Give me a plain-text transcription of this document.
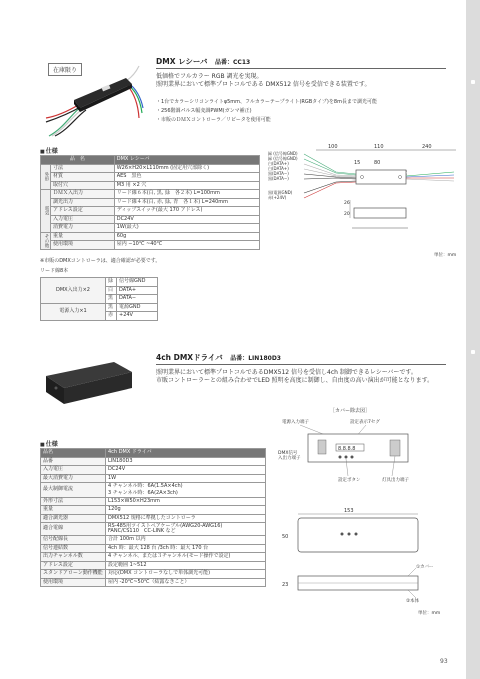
在庫限り
DMX レシーバ　 品番：CC13
低価格でフルカラー RGB 調光を実現。
照明業界において標準プロトコルである DMX512 信号を受信できる装置です。
・1台でカラーシリコンライトφ5mm、フルカラーテープライト(RGBタイプ)を8m長まで調光可能
・256階調パルス幅変調PWM(ガンマ補正)
・市販のＤＭＸコントローラ／リピータを使用可能
■ 仕様
品　名		DMX レシーバ
外形	寸法	W26×H20×L110mm (固定用穴部除く)
	材質	AES　黒色
	取付穴	M3 用 ×2 穴
電気	ＤＭＸ入出力	リード線６本(白, 黒, 緑　各２本) L=100mm
	調光出力	リード線４本(白, 赤, 緑, 青　各１本) L=240mm
	アドレス設定	ディップスイッチ(最大 170 アドレス)
	入力電圧	DC24V
	消費電力	1W(最大)
その他	重量	60g
	使用環境	屋内 −10℃ ~40℃
※市販のDMXコントローラは、適合確認が必要です。
リード線8本
DMX入出力×2	緑	信号線GND
	白	DATA+
	黒	DATA−
電源入力×1	黒	電源GND
	赤	+24V
100	110	240
15	80
緑 (信号線GND)
緑 (信号線GND)
白(DATA+)
白(DATA+)
黒(DATA−)
黒(DATA−)
黒(電源GND)
赤(+24V)
20
26
単位：mm
4ch DMXドライバ　 品番：LIN180D3
照明業界において標準プロトコルであるDMX512 信号を受信し4ch 制御できるレシーバーです。
市販コントローラーとの組み合わせでLED 照明を高度に制御し、自由度の高い演出が可能となります。
■ 仕様
品名	4ch DMX ドライバ
品番	LIN180D3
入力電圧	DC24V
最大消費電力	1W
最大制御電流	4 チャンネル時：6A(1.5A×4ch)
3 チャンネル時：6A(2A×3ch)

外形寸法	L153×W50×H23mm
重量	120g
適合調光器	DMX512 規格に準拠したコントローラ
適合電線	RS-485用ツイストペアケーブル(AWG20-AWG16)
FANC/CS110　CC-LINK など

信号配線長	合計 100m 以内
信号連結数	4ch 時：最大 128 台 /3ch 時：最大 170 台
出力チャンネル数	4 チャンネル、または３チャンネル(モード操作で設定)
アドレス設定	設定範囲 1~512
スタンドアローン動作機能	対応(DMX コントローラなしで単体調光可能)
使用環境	屋内 -20℃~50℃（結露なきこと）
［カバー除去図］
電源入力端子	設定表示7セグ
DMX信号
入出力端子
8.8.8.8
設定ボタン	灯具出力端子
153
50
23
①カバー
②本体
単位：mm
93
